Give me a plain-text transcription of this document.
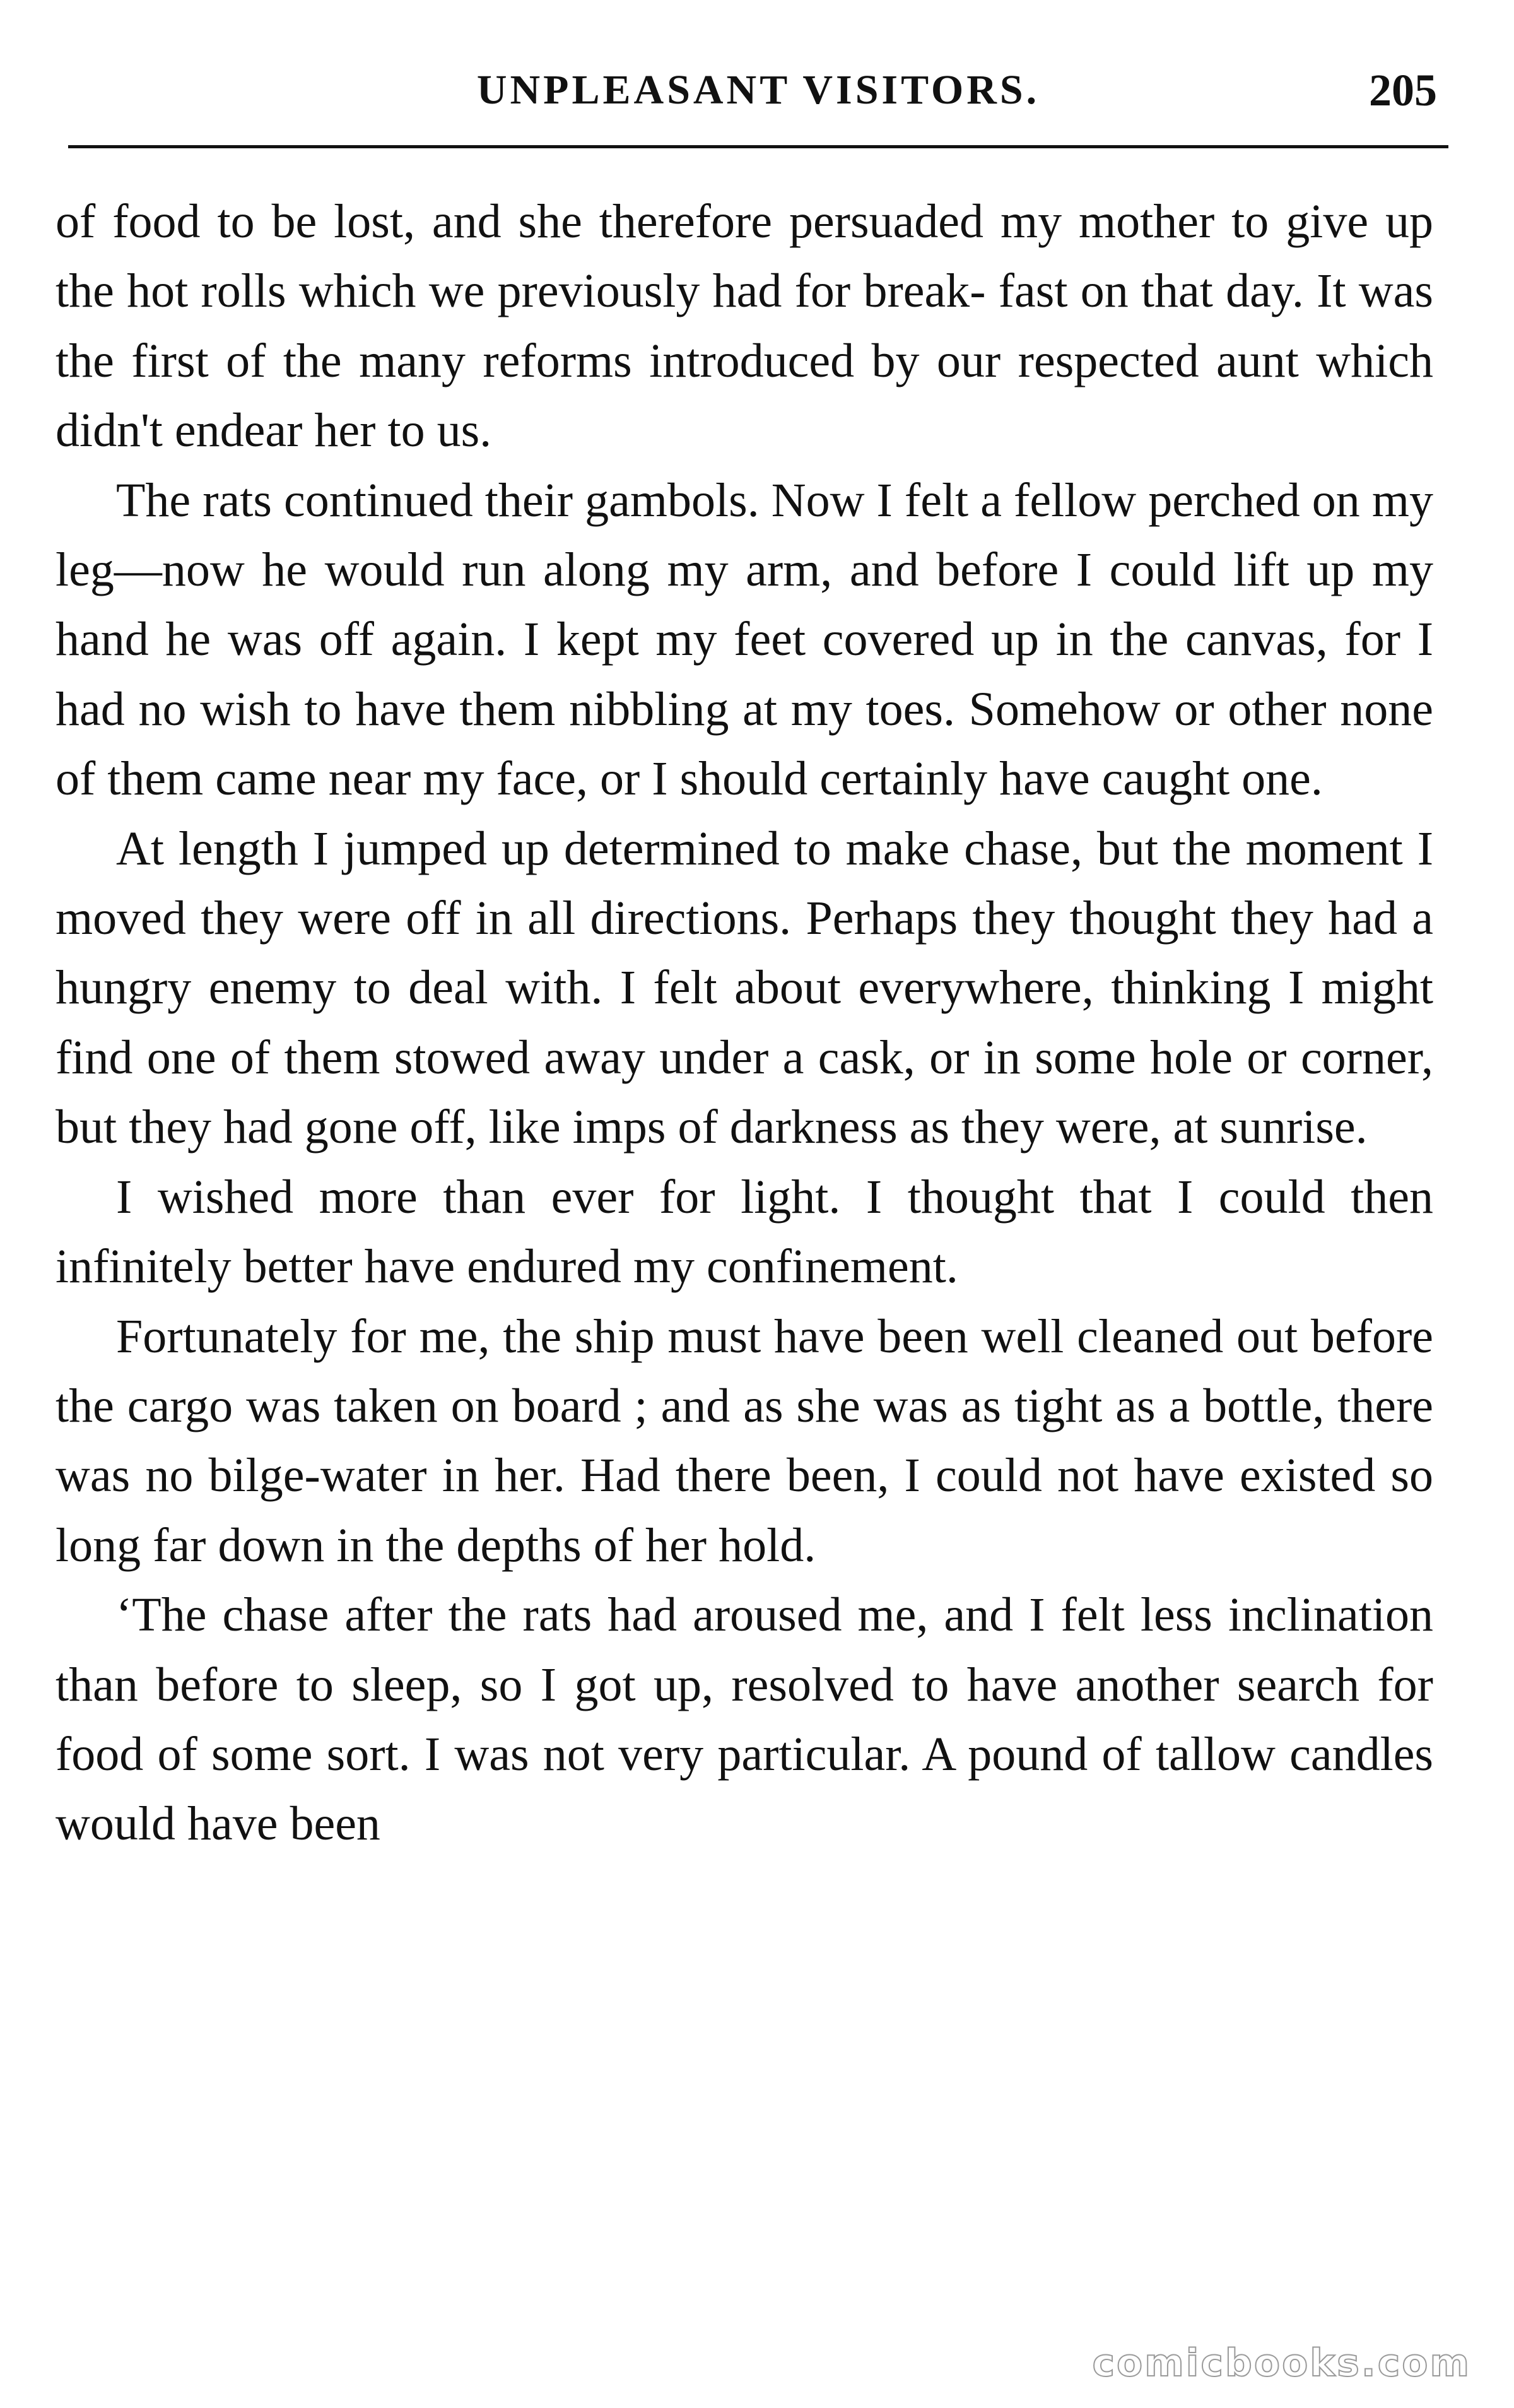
UNPLEASANT VISITORS.	205

of food to be lost, and she therefore persuaded my mother to give up the hot rolls which we previously had for break- fast on that day. It was the first of the many reforms introduced by our respected aunt which didn't endear her to us.

The rats continued their gambols. Now I felt a fellow perched on my leg—now he would run along my arm, and before I could lift up my hand he was off again. I kept my feet covered up in the canvas, for I had no wish to have them nibbling at my toes. Somehow or other none of them came near my face, or I should certainly have caught one.

At length I jumped up determined to make chase, but the moment I moved they were off in all directions. Perhaps they thought they had a hungry enemy to deal with. I felt about everywhere, thinking I might find one of them stowed away under a cask, or in some hole or corner, but they had gone off, like imps of darkness as they were, at sunrise.

I wished more than ever for light. I thought that I could then infinitely better have endured my confinement.

Fortunately for me, the ship must have been well cleaned out before the cargo was taken on board ; and as she was as tight as a bottle, there was no bilge-water in her. Had there been, I could not have existed so long far down in the depths of her hold.

‘The chase after the rats had aroused me, and I felt less inclination than before to sleep, so I got up, resolved to have another search for food of some sort. I was not very particular. A pound of tallow candles would have been

comicbooks.com
